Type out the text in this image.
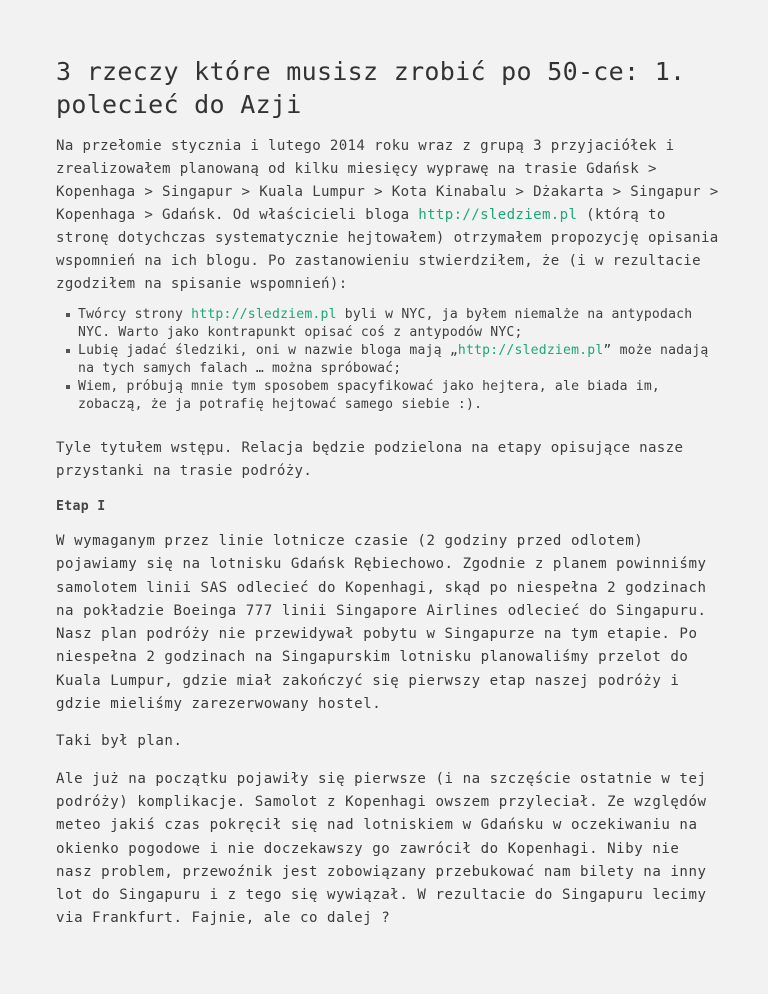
3 rzeczy które musisz zrobić po 50-ce: 1. polecieć do Azji

Na przełomie stycznia i lutego 2014 roku wraz z grupą 3 przyjaciółek i zrealizowałem planowaną od kilku miesięcy wyprawę na trasie Gdańsk > Kopenhaga > Singapur > Kuala Lumpur > Kota Kinabalu > Dżakarta > Singapur > Kopenhaga > Gdańsk. Od właścicieli bloga http://sledziem.pl (którą to stronę dotychczas systematycznie hejtowałem) otrzymałem propozycję opisania wspomnień na ich blogu. Po zastanowieniu stwierdziłem, że (i w rezultacie zgodziłem na spisanie wspomnień):

Twórcy strony http://sledziem.pl byli w NYC, ja byłem niemalże na antypodach NYC. Warto jako kontrapunkt opisać coś z antypodów NYC;
Lubię jadać śledziki, oni w nazwie bloga mają „http://sledziem.pl” może nadają na tych samych falach … można spróbować;
Wiem, próbują mnie tym sposobem spacyfikować jako hejtera, ale biada im, zobaczą, że ja potrafię hejtować samego siebie :).

Tyle tytułem wstępu. Relacja będzie podzielona na etapy opisujące nasze przystanki na trasie podróży.

Etap I

W wymaganym przez linie lotnicze czasie (2 godziny przed odlotem) pojawiamy się na lotnisku Gdańsk Rębiechowo. Zgodnie z planem powinniśmy samolotem linii SAS odlecieć do Kopenhagi, skąd po niespełna 2 godzinach na pokładzie Boeinga 777 linii Singapore Airlines odlecieć do Singapuru. Nasz plan podróży nie przewidywał pobytu w Singapurze na tym etapie. Po niespełna 2 godzinach na Singapurskim lotnisku planowaliśmy przelot do Kuala Lumpur, gdzie miał zakończyć się pierwszy etap naszej podróży i gdzie mieliśmy zarezerwowany hostel.

Taki był plan.

Ale już na początku pojawiły się pierwsze (i na szczęście ostatnie w tej podróży) komplikacje. Samolot z Kopenhagi owszem przyleciał. Ze względów meteo jakiś czas pokręcił się nad lotniskiem w Gdańsku w oczekiwaniu na okienko pogodowe i nie doczekawszy go zawrócił do Kopenhagi. Niby nie nasz problem, przewoźnik jest zobowiązany przebukować nam bilety na inny lot do Singapuru i z tego się wywiązał. W rezultacie do Singapuru lecimy via Frankfurt. Fajnie, ale co dalej ?
